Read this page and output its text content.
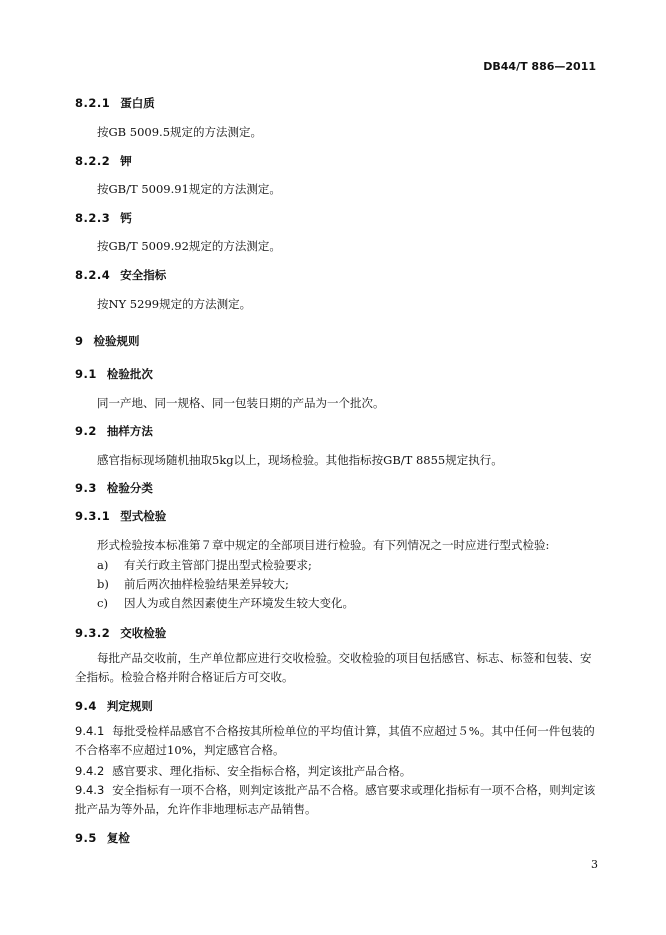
DB44/T 886—2011
8.2.1 蛋白质
按GB 5009.5规定的方法测定。
8.2.2 钾
按GB/T 5009.91规定的方法测定。
8.2.3 钙
按GB/T 5009.92规定的方法测定。
8.2.4 安全指标
按NY 5299规定的方法测定。
9 检验规则
9.1 检验批次
同一产地、同一规格、同一包装日期的产品为一个批次。
9.2 抽样方法
感官指标现场随机抽取5kg以上，现场检验。其他指标按GB/T 8855规定执行。
9.3 检验分类
9.3.1 型式检验
形式检验按本标准第７章中规定的全部项目进行检验。有下列情况之一时应进行型式检验:
a) 有关行政主管部门提出型式检验要求;
b) 前后两次抽样检验结果差异较大;
c) 因人为或自然因素使生产环境发生较大变化。
9.3.2 交收检验
每批产品交收前，生产单位都应进行交收检验。交收检验的项目包括感官、标志、标签和包装、安全指标。检验合格并附合格证后方可交收。
9.4 判定规则
9.4.1 每批受检样品感官不合格按其所检单位的平均值计算，其值不应超过５%。其中任何一件包装的不合格率不应超过10%，判定感官合格。
9.4.2 感官要求、理化指标、安全指标合格，判定该批产品合格。
9.4.3 安全指标有一项不合格，则判定该批产品不合格。感官要求或理化指标有一项不合格，则判定该批产品为等外品，允许作非地理标志产品销售。
9.5 复检
3
